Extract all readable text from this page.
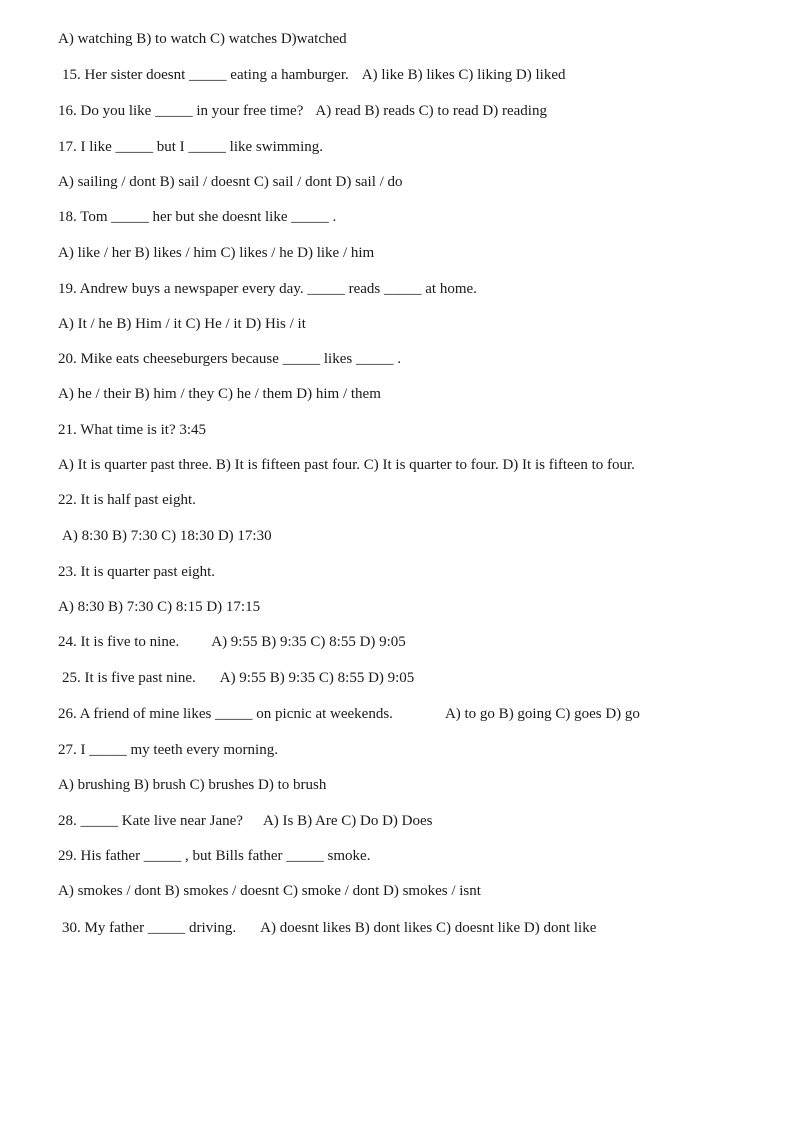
A) watching B) to watch C) watches D)watched
15. Her sister doesnt _____ eating a hamburger. A) like B) likes C) liking D) liked
16. Do you like _____ in your free time? A) read B) reads C) to read D) reading
17. I like _____ but I _____ like swimming.
A) sailing / dont B) sail / doesnt C) sail / dont D) sail / do
18. Tom _____ her but she doesnt like _____ .
A) like / her B) likes / him C) likes / he D) like / him
19. Andrew buys a newspaper every day. _____ reads _____ at home.
A) It / he B) Him / it C) He / it D) His / it
20. Mike eats cheeseburgers because _____ likes _____ .
A) he / their B) him / they C) he / them D) him / them
21. What time is it? 3:45
A) It is quarter past three. B) It is fifteen past four. C) It is quarter to four. D) It is fifteen to four.
22. It is half past eight.
A) 8:30 B) 7:30 C) 18:30 D) 17:30
23. It is quarter past eight.
A) 8:30 B) 7:30 C) 8:15 D) 17:15
24. It is five to nine. A) 9:55 B) 9:35 C) 8:55 D) 9:05
25. It is five past nine. A) 9:55 B) 9:35 C) 8:55 D) 9:05
26. A friend of mine likes _____ on picnic at weekends.	A) to go B) going C) goes D) go
27. I _____ my teeth every morning.
A) brushing B) brush C) brushes D) to brush
28. _____ Kate live near Jane? A) Is B) Are C) Do D) Does
29. His father _____ , but Bills father _____ smoke.
A) smokes / dont B) smokes / doesnt C) smoke / dont D) smokes / isnt
30. My father _____ driving. A) doesnt likes B) dont likes C) doesnt like D) dont like
